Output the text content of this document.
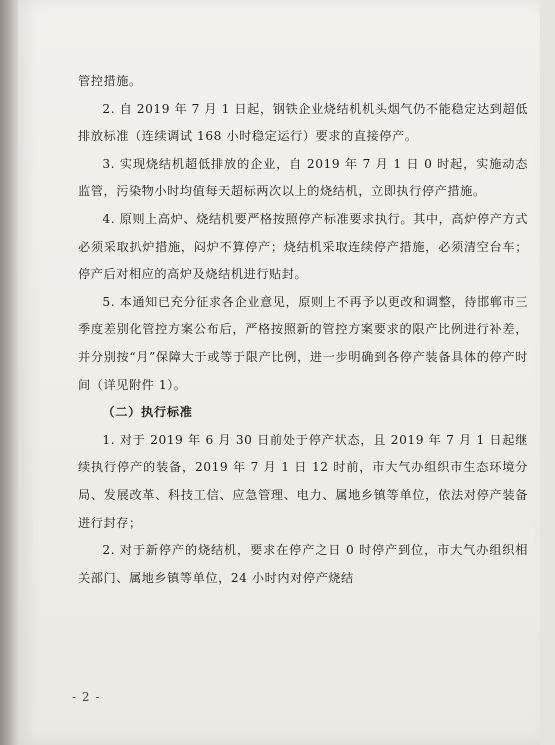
管控措施。

2. 自 2019 年 7 月 1 日起，钢铁企业烧结机机头烟气仍不能稳定达到超低排放标准（连续调试 168 小时稳定运行）要求的直接停产。

3. 实现烧结机超低排放的企业，自 2019 年 7 月 1 日 0 时起，实施动态监管，污染物小时均值每天超标两次以上的烧结机，立即执行停产措施。

4. 原则上高炉、烧结机要严格按照停产标准要求执行。其中，高炉停产方式必须采取扒炉措施，闷炉不算停产；烧结机采取连续停产措施，必须清空台车；停产后对相应的高炉及烧结机进行贴封。

5. 本通知已充分征求各企业意见，原则上不再予以更改和调整，待邯郸市三季度差别化管控方案公布后，严格按照新的管控方案要求的限产比例进行补差，并分别按“月”保障大于或等于限产比例，进一步明确到各停产装备具体的停产时间（详见附件 1）。

（二）执行标准

1. 对于 2019 年 6 月 30 日前处于停产状态，且 2019 年 7 月 1 日起继续执行停产的装备，2019 年 7 月 1 日 12 时前，市大气办组织市生态环境分局、发展改革、科技工信、应急管理、电力、属地乡镇等单位，依法对停产装备进行封存；

2. 对于新停产的烧结机，要求在停产之日 0 时停产到位，市大气办组织相关部门、属地乡镇等单位，24 小时内对停产烧结

- 2 -
